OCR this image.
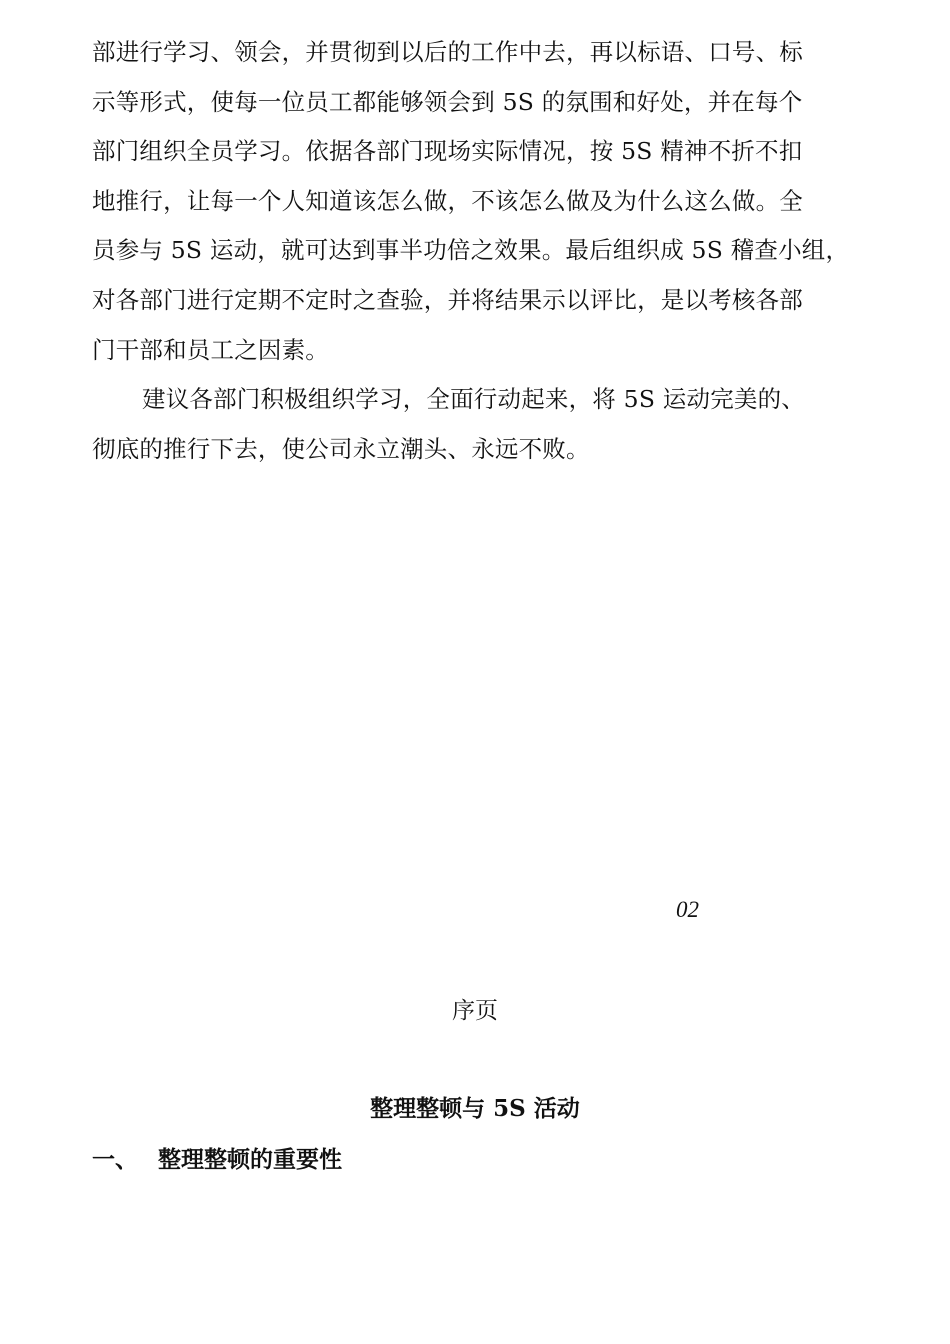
部进行学习、领会，并贯彻到以后的工作中去，再以标语、口号、标
示等形式，使每一位员工都能够领会到 5S 的氛围和好处，并在每个
部门组织全员学习。依据各部门现场实际情况，按 5S 精神不折不扣
地推行，让每一个人知道该怎么做，不该怎么做及为什么这么做。全
员参与 5S 运动，就可达到事半功倍之效果。最后组织成 5S 稽查小组，
对各部门进行定期不定时之查验，并将结果示以评比，是以考核各部
门干部和员工之因素。
建议各部门积极组织学习，全面行动起来，将 5S 运动完美的、
彻底的推行下去，使公司永立潮头、永远不败。
02
序页
整理整顿与 5S 活动
一、 整理整顿的重要性
